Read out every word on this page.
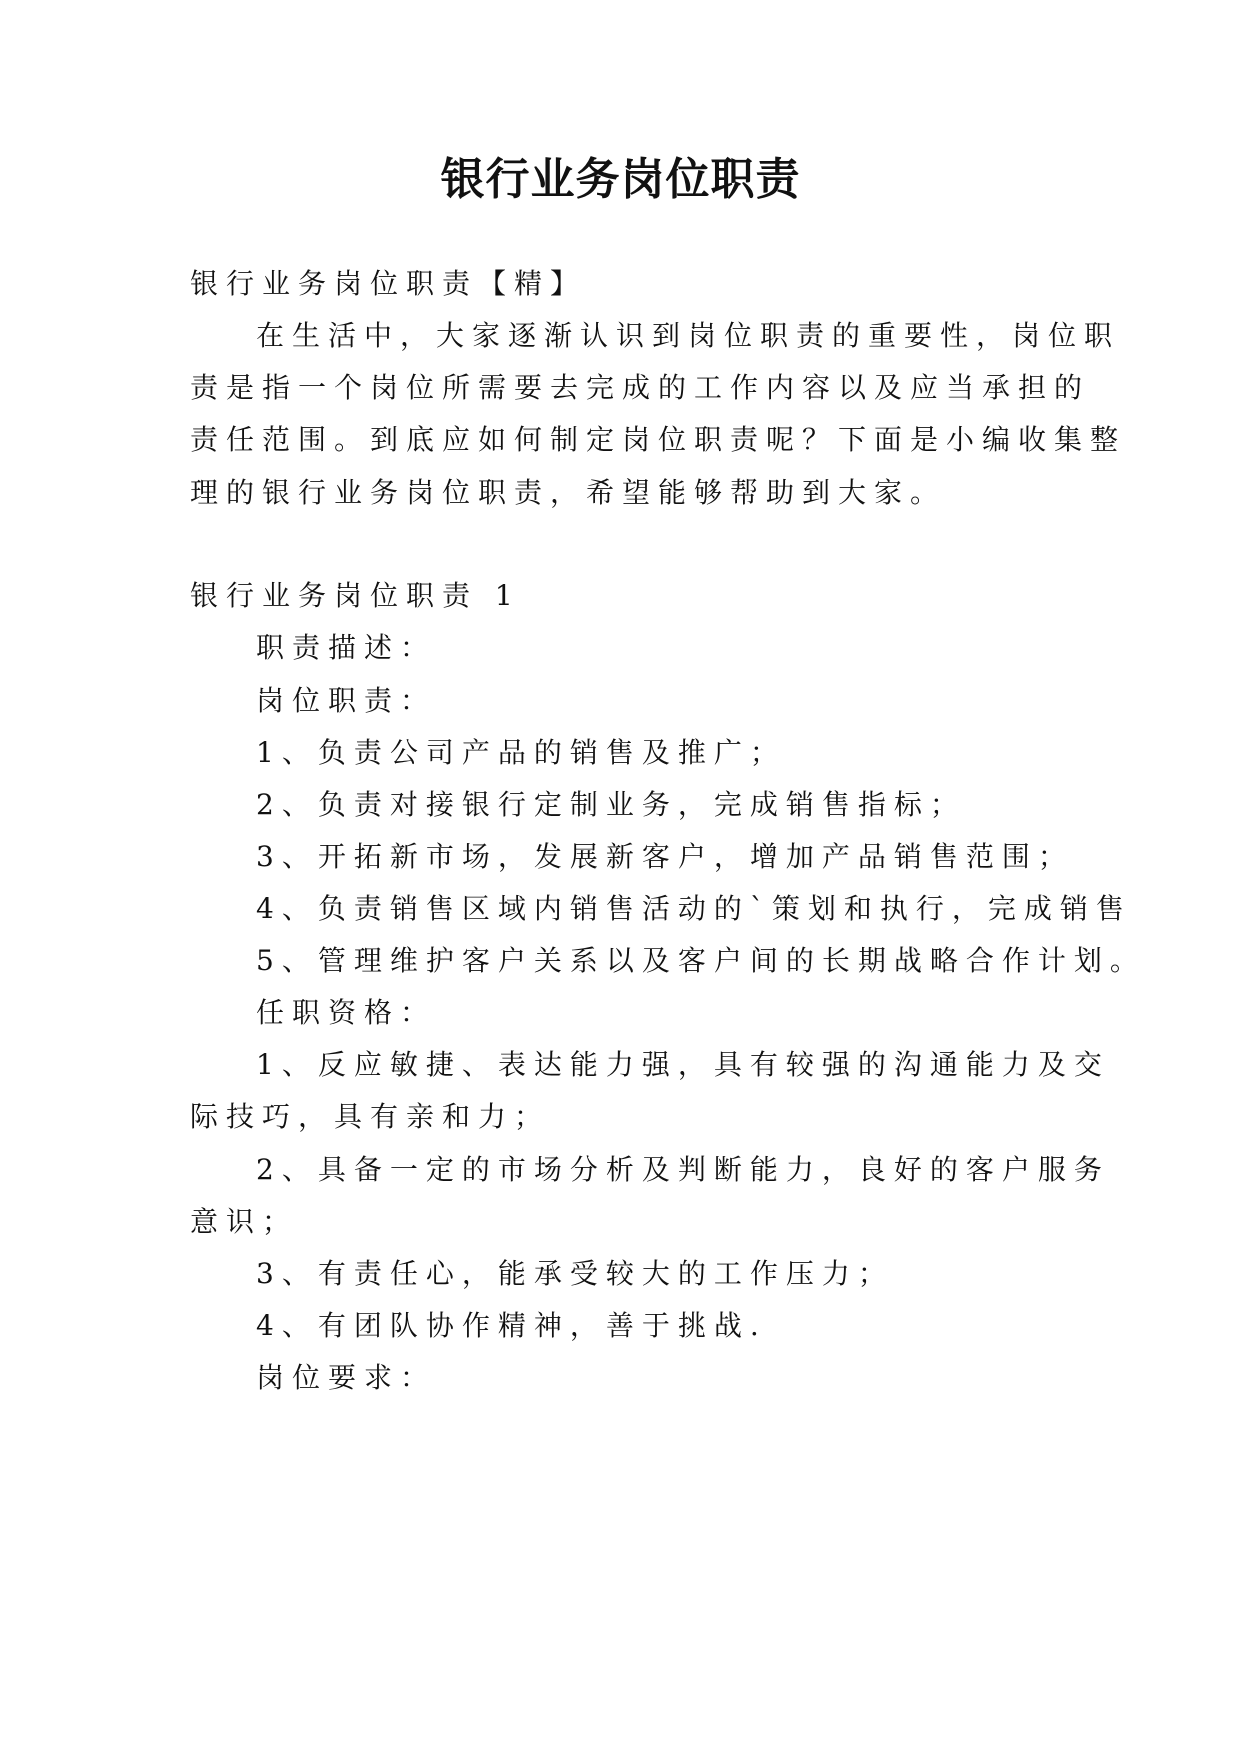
银行业务岗位职责

银行业务岗位职责【精】

在生活中，大家逐渐认识到岗位职责的重要性，岗位职

责是指一个岗位所需要去完成的工作内容以及应当承担的

责任范围。到底应如何制定岗位职责呢？下面是小编收集整

理的银行业务岗位职责，希望能够帮助到大家。

银行业务岗位职责 1

职责描述：

岗位职责：

1、负责公司产品的销售及推广；

2、负责对接银行定制业务，完成销售指标；

3、开拓新市场，发展新客户，增加产品销售范围；

4、负责销售区域内销售活动的`策划和执行，完成销售

5、管理维护客户关系以及客户间的长期战略合作计划。

任职资格：

1、反应敏捷、表达能力强，具有较强的沟通能力及交

际技巧，具有亲和力；

2、具备一定的市场分析及判断能力，良好的客户服务

意识；

3、有责任心，能承受较大的工作压力；

4、有团队协作精神，善于挑战.

岗位要求：
